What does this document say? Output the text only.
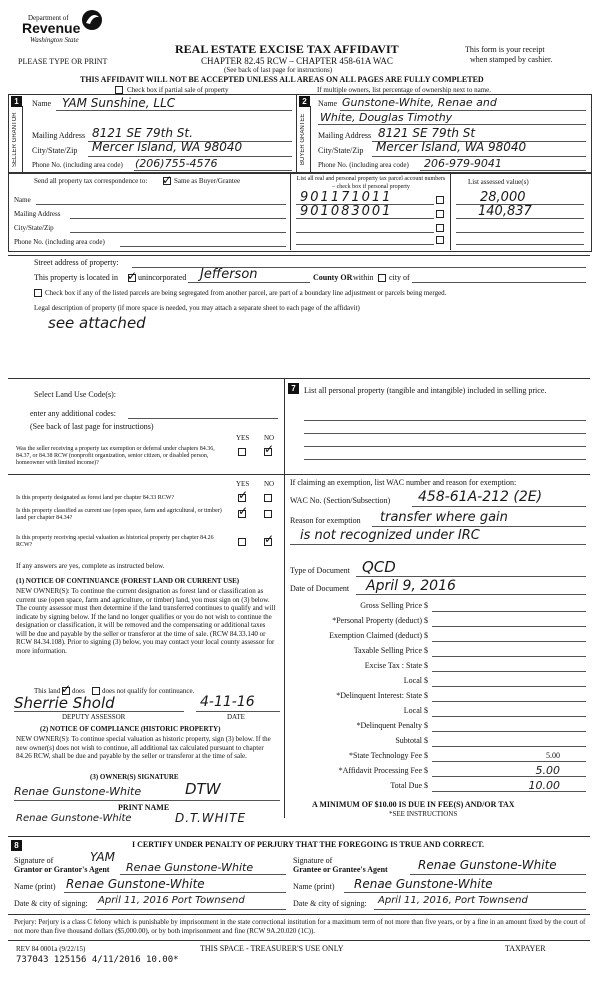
Department of
Revenue
Washington State
PLEASE TYPE OR PRINT
REAL ESTATE EXCISE TAX AFFIDAVIT
CHAPTER 82.45 RCW – CHAPTER 458-61A WAC
(See back of last page for instructions)
This form is your receipt
when stamped by cashier.
THIS AFFIDAVIT WILL NOT BE ACCEPTED UNLESS ALL AREAS ON ALL PAGES ARE FULLY COMPLETED
Check box if partial sale of property	If multiple owners, list percentage of ownership next to name.
1	2
SELLER GRANTOR	BUYER GRANTEE
Name YAM Sunshine, LLC
Mailing Address 8121 SE 79th St.
City/State/Zip Mercer Island, WA 98040
Phone No. (including area code) (206)755-4576
Name Gunstone-White, Renae and
White, Douglas Timothy
Mailing Address 8121 SE 79th St
City/State/Zip Mercer Island, WA 98040
Phone No. (including area code) 206-979-9041
Send all property tax correspondence to: ✓ Same as Buyer/Grantee
Name
Mailing Address
City/State/Zip
Phone No. (including area code)
List all real and personal property tax parcel account numbers – check box if personal property
List assessed value(s)
901171011	28,000
901083001	140,837
Street address of property:
This property is located in ✓ unincorporated Jefferson	County OR within city of
Check box if any of the listed parcels are being segregated from another parcel, are part of a boundary line adjustment or parcels being merged.
Legal description of property (if more space is needed, you may attach a separate sheet to each page of the affidavit)
see attached
Select Land Use Code(s):
enter any additional codes:
(See back of last page for instructions)
YES NO
Was the seller receiving a property tax exemption or deferral under chapters 84.36, 84.37, or 84.38 RCW (nonprofit organization, senior citizen, or disabled person, homeowner with limited income)?
✓
YES NO
Is this property designated as forest land per chapter 84.33 RCW?	✓
Is this property classified as current use (open space, farm and agricultural, or timber) land per chapter 84.34?	✓
Is this property receiving special valuation as historical property per chapter 84.26 RCW?	✓
If any answers are yes, complete as instructed below.
(1) NOTICE OF CONTINUANCE (FOREST LAND OR CURRENT USE)
NEW OWNER(S): To continue the current designation as forest land or classification as current use (open space, farm and agriculture, or timber) land, you must sign on (3) below. The county assessor must then determine if the land transferred continues to qualify and will indicate by signing below. If the land no longer qualifies or you do not wish to continue the designation or classification, it will be removed and the compensating or additional taxes will be due and payable by the seller or transferor at the time of sale. (RCW 84.33.140 or RCW 84.34.108). Prior to signing (3) below, you may contact your local county assessor for more information.
This land ✓ does does not qualify for continuance.
Sherrie Shold	4-11-16
DEPUTY ASSESSOR	DATE
(2) NOTICE OF COMPLIANCE (HISTORIC PROPERTY)
NEW OWNER(S): To continue special valuation as historic property, sign (3) below. If the new owner(s) does not wish to continue, all additional tax calculated pursuant to chapter 84.26 RCW, shall be due and payable by the seller or transferor at the time of sale.
(3) OWNER(S) SIGNATURE
Renae Gunstone-White	DTW
PRINT NAME
Renae Gunstone-White	D.T.WHITE
7	List all personal property (tangible and intangible) included in selling price.
If claiming an exemption, list WAC number and reason for exemption:
WAC No. (Section/Subsection) 458-61A-212 (2E)
Reason for exemption transfer where gain
is not recognized under IRC
Type of Document QCD
Date of Document April 9, 2016
Gross Selling Price $
*Personal Property (deduct) $
Exemption Claimed (deduct) $
Taxable Selling Price $
Excise Tax : State $
Local $
*Delinquent Interest: State $
Local $
*Delinquent Penalty $
Subtotal $
*State Technology Fee $	5.00
*Affidavit Processing Fee $	5.00
Total Due $	10.00
A MINIMUM OF $10.00 IS DUE IN FEE(S) AND/OR TAX
*SEE INSTRUCTIONS
8	I CERTIFY UNDER PENALTY OF PERJURY THAT THE FOREGOING IS TRUE AND CORRECT.
Signature of
Grantor or Grantor's Agent
YAM
Renae Gunstone-White
Signature of
Grantee or Grantee's Agent	Renae Gunstone-White
Name (print) Renae Gunstone-White	Name (print) Renae Gunstone-White
Date & city of signing: April 11, 2016 Port Townsend	Date & city of signing: April 11, 2016, Port Townsend
Perjury: Perjury is a class C felony which is punishable by imprisonment in the state correctional institution for a maximum term of not more than five years, or by a fine in an amount fixed by the court of not more than five thousand dollars ($5,000.00), or by both imprisonment and fine (RCW 9A.20.020 (1C)).
REV 84 0001a (9/22/15)
737043 125156 4/11/2016 10.00*
THIS SPACE - TREASURER'S USE ONLY	TAXPAYER
